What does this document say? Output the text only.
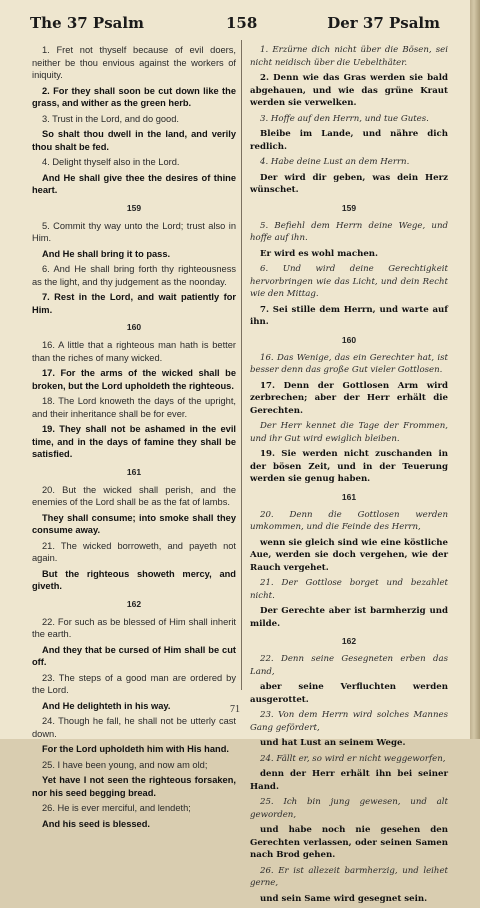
The 37 Psalm	158	Der 37 Psalm
1. Fret not thyself because of evil doers, neither be thou envious against the workers of iniquity.
2. For they shall soon be cut down like the grass, and wither as the green herb.
3. Trust in the Lord, and do good.
So shalt thou dwell in the land, and verily thou shalt be fed.
4. Delight thyself also in the Lord.
And He shall give thee the desires of thine heart.
159
5. Commit thy way unto the Lord; trust also in Him.
And He shall bring it to pass.
6. And He shall bring forth thy righteousness as the light, and thy judgement as the noonday.
7. Rest in the Lord, and wait patiently for Him.
160
16. A little that a righteous man hath is better than the riches of many wicked.
17. For the arms of the wicked shall be broken, but the Lord upholdeth the righteous.
18. The Lord knoweth the days of the upright, and their inheritance shall be for ever.
19. They shall not be ashamed in the evil time, and in the days of famine they shall be satisfied.
161
20. But the wicked shall perish, and the enemies of the Lord shall be as the fat of lambs.
They shall consume; into smoke shall they consume away.
21. The wicked borroweth, and payeth not again.
But the righteous showeth mercy, and giveth.
162
22. For such as be blessed of Him shall inherit the earth.
And they that be cursed of Him shall be cut off.
23. The steps of a good man are ordered by the Lord.
And He delighteth in his way.
24. Though he fall, he shall not be utterly cast down.
For the Lord upholdeth him with His hand.
25. I have been young, and now am old;
Yet have I not seen the righteous forsaken, nor his seed begging bread.
26. He is ever merciful, and lendeth;
And his seed is blessed.
1. Erzürne dich nicht über die Bösen, sei nicht neidisch über die Uebelthäter.
2. Denn wie das Gras werden sie bald abgehauen, und wie das grüne Kraut werden sie verwelken.
3. Hoffe auf den Herrn, und tue Gutes.
Bleibe im Lande, und nähre dich redlich.
4. Habe deine Lust an dem Herrn.
Der wird dir geben, was dein Herz wünschet.
159
5. Befiehl dem Herrn deine Wege, und hoffe auf ihn.
Er wird es wohl machen.
6. Und wird deine Gerechtigkeit hervorbringen wie das Licht, und dein Recht wie den Mittag.
7. Sei stille dem Herrn, und warte auf ihn.
160
16. Das Wenige, das ein Gerechter hat, ist besser denn das große Gut vieler Gottlosen.
17. Denn der Gottlosen Arm wird zerbrechen; aber der Herr erhält die Gerechten.
Der Herr kennet die Tage der Frommen, und ihr Gut wird ewiglich bleiben.
19. Sie werden nicht zuschanden in der bösen Zeit, und in der Teuerung werden sie genug haben.
161
20. Denn die Gottlosen werden umkommen, und die Feinde des Herrn,
wenn sie gleich sind wie eine köstliche Aue, werden sie doch vergehen, wie der Rauch vergehet.
21. Der Gottlose borget und bezahlet nicht.
Der Gerechte aber ist barmherzig und milde.
162
22. Denn seine Gesegneten erben das Land,
aber seine Verfluchten werden ausgerottet.
23. Von dem Herrn wird solches Mannes Gang gefördert,
und hat Lust an seinem Wege.
24. Fällt er, so wird er nicht weggeworfen,
denn der Herr erhält ihn bei seiner Hand.
25. Ich bin jung gewesen, und alt geworden,
und habe noch nie gesehen den Gerechten verlassen, oder seinen Samen nach Brod gehen.
26. Er ist allezeit barmherzig, und leihet gerne,
und sein Same wird gesegnet sein.
71
